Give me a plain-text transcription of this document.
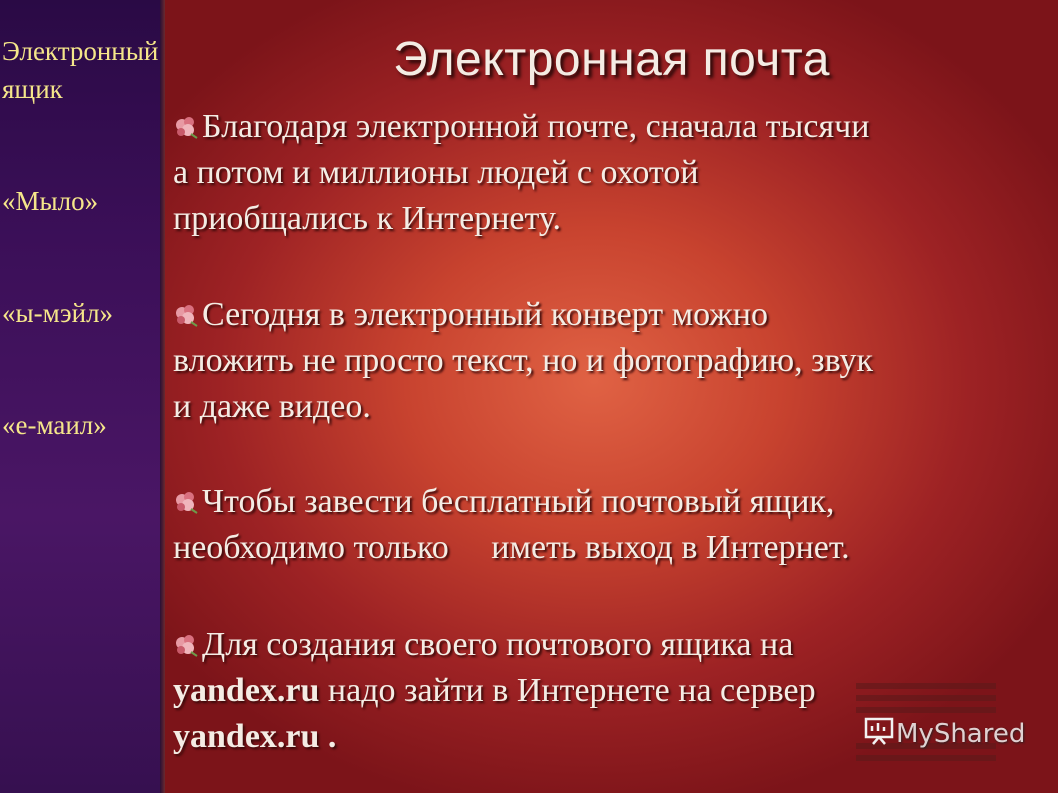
Электронный
ящик
«Мыло»
«ы-мэйл»
«е-маил»
Электронная почта
Благодаря электронной почте, сначала тысячи
а потом и миллионы людей с охотой
приобщались к Интернету.
Сегодня в электронный конверт можно
вложить не просто текст, но и фотографию, звук
и даже видео.
Чтобы завести бесплатный почтовый ящик,
необходимо только     иметь выход в Интернет.
Для создания своего почтового ящика на
yandex.ru надо зайти в Интернете на сервер
yandex.ru .	MyShared
